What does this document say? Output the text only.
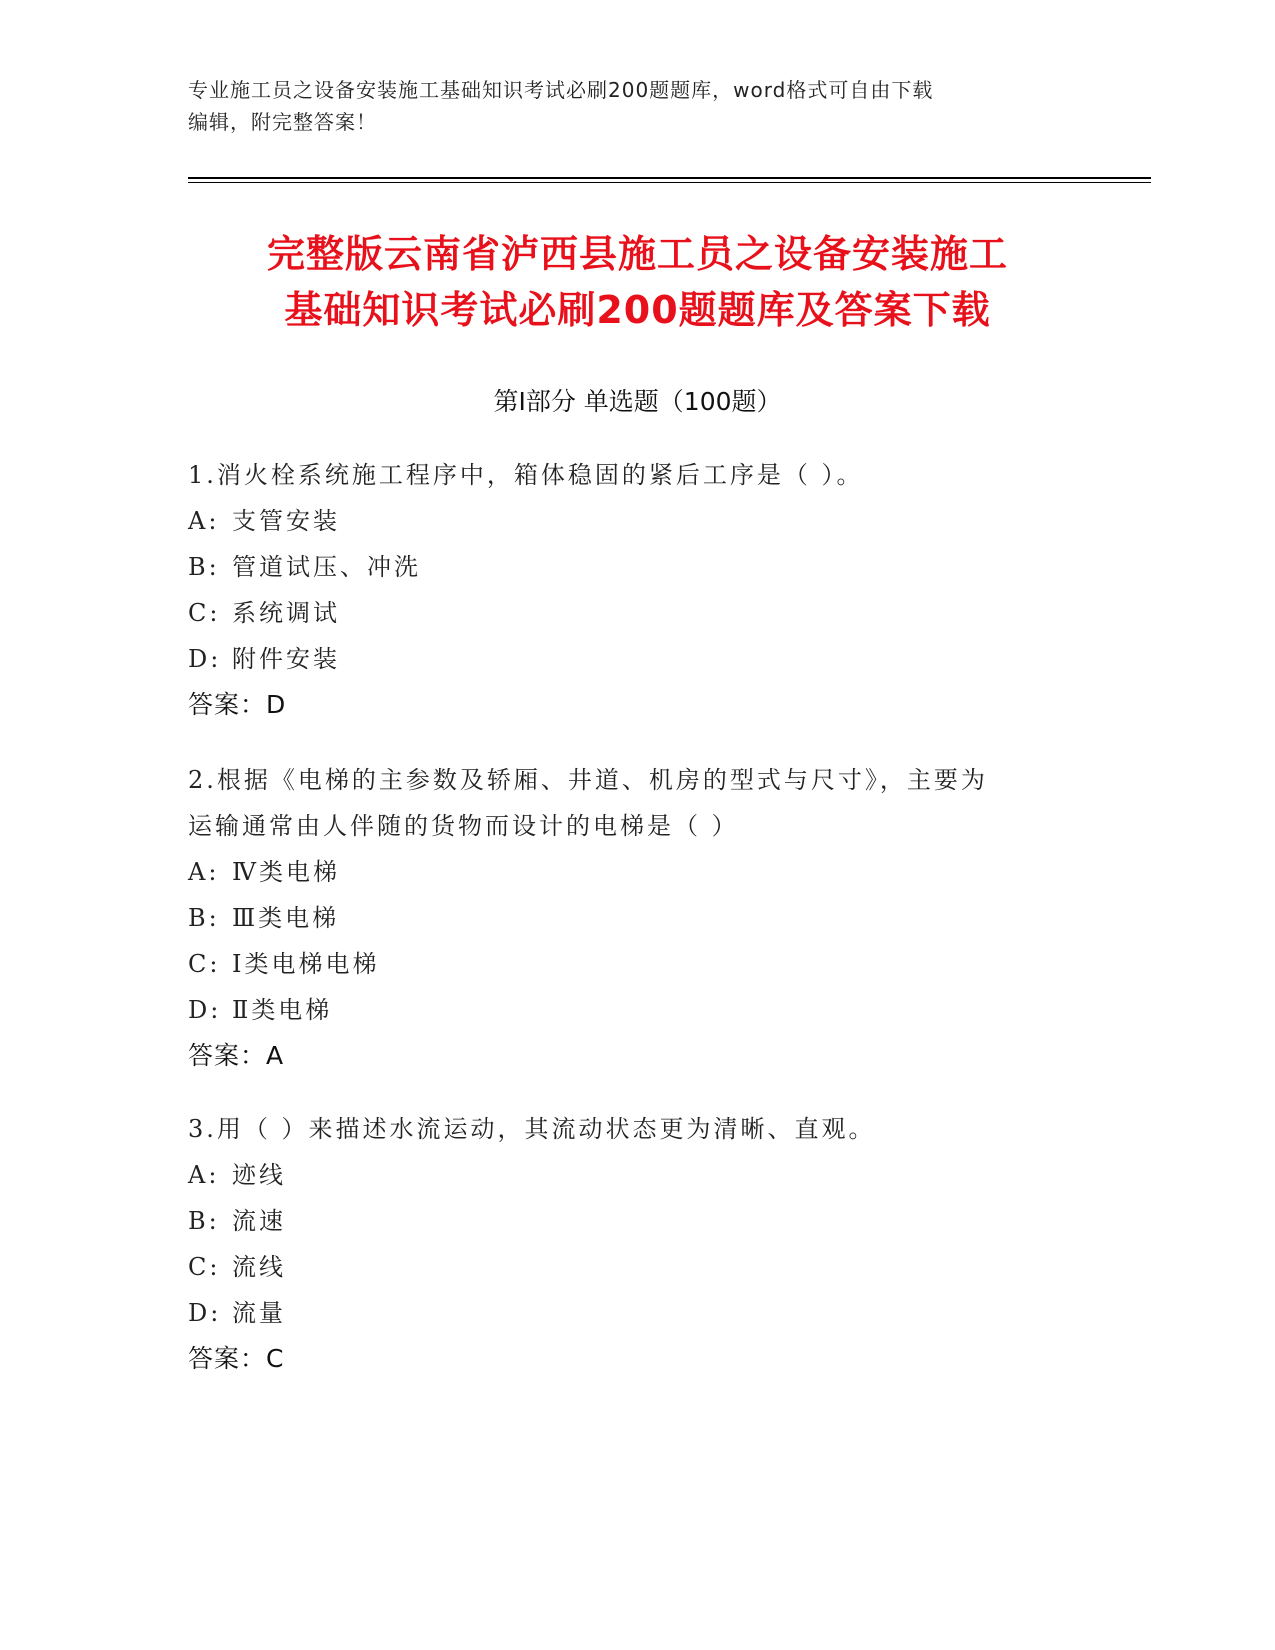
专业施工员之设备安装施工基础知识考试必刷200题题库，word格式可自由下载
编辑，附完整答案！
完整版云南省泸西县施工员之设备安装施工
基础知识考试必刷200题题库及答案下载
第Ⅰ部分 单选题（100题）
1.消火栓系统施工程序中，箱体稳固的紧后工序是（ ）。
A: 支管安装
B: 管道试压、冲洗
C: 系统调试
D: 附件安装
答案：D
2.根据《电梯的主参数及轿厢、井道、机房的型式与尺寸》，主要为
运输通常由人伴随的货物而设计的电梯是（ ）
A: Ⅳ类电梯
B: Ⅲ类电梯
C: Ⅰ类电梯电梯
D: Ⅱ类电梯
答案：A
3.用（ ）来描述水流运动，其流动状态更为清晰、直观。
A: 迹线
B: 流速
C: 流线
D: 流量
答案：C
